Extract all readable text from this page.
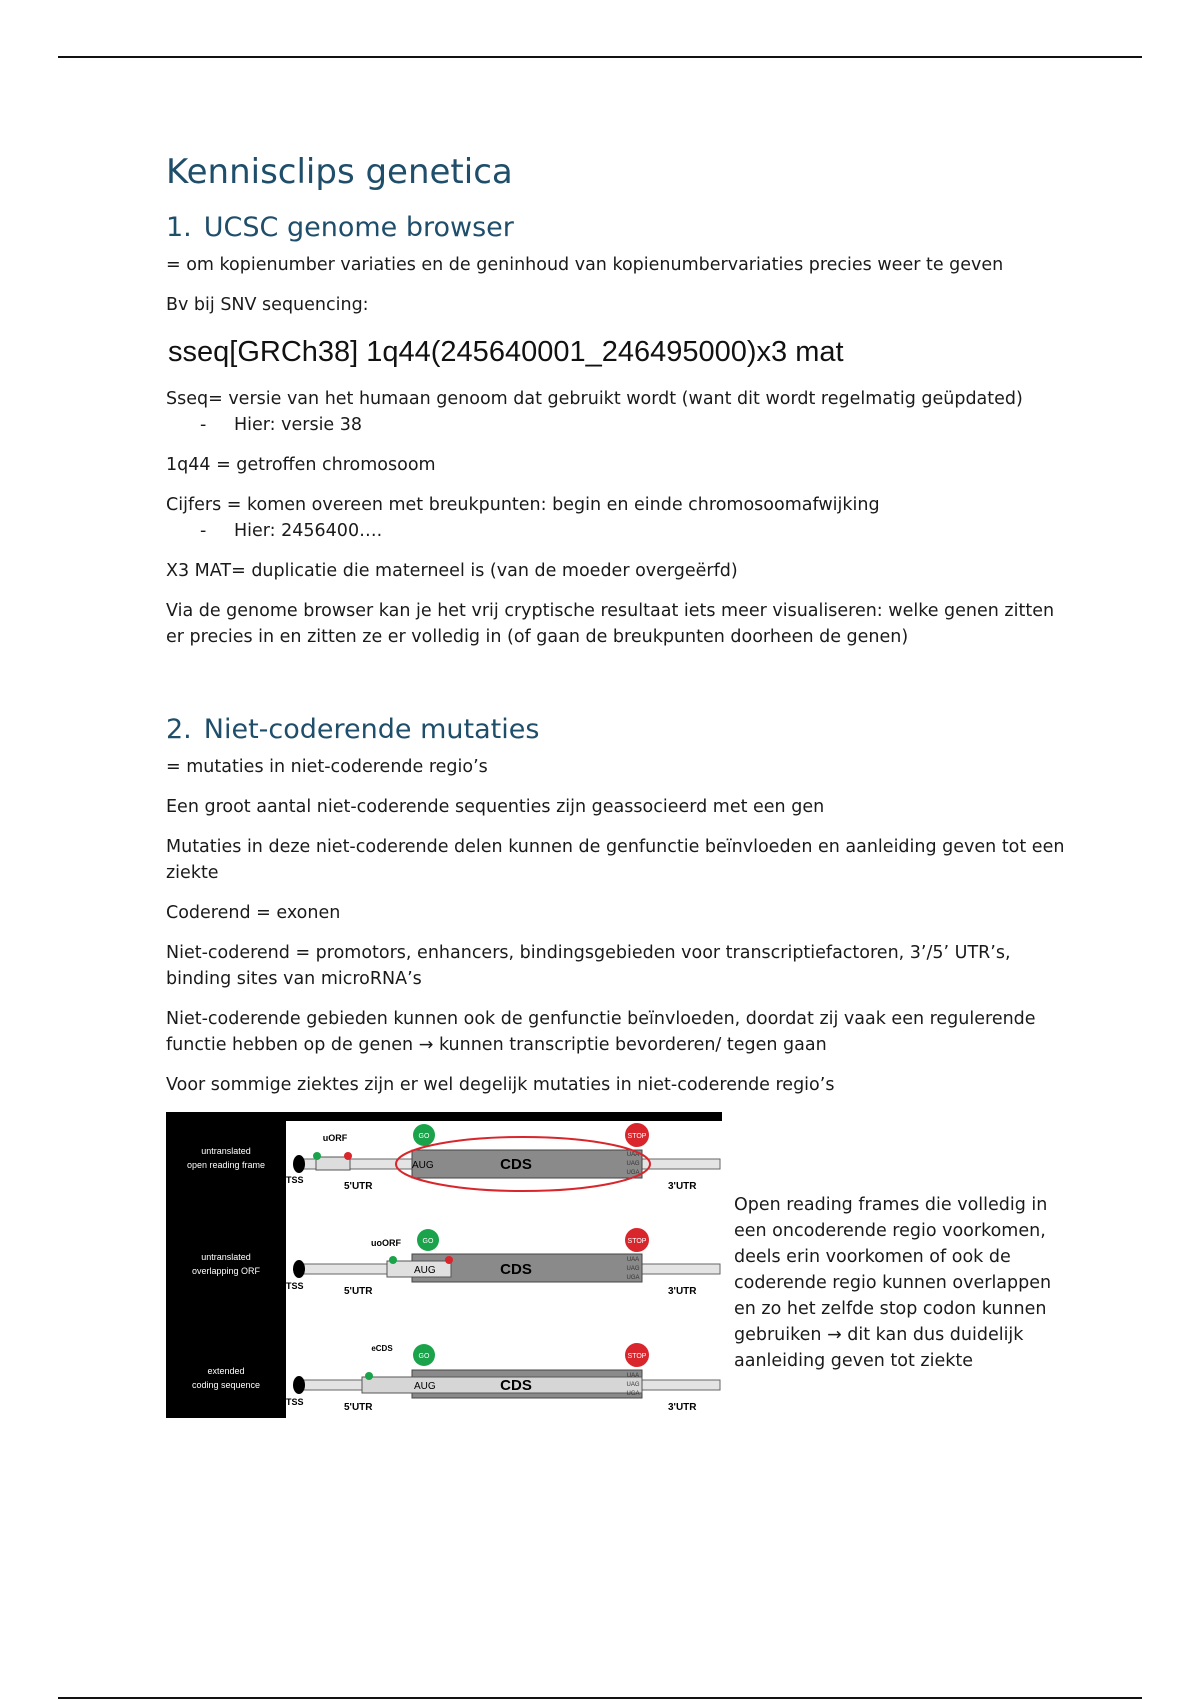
Kennisclips genetica
1. UCSC genome browser

= om kopienumber variaties en de geninhoud van kopienumbervariaties precies weer te geven

Bv bij SNV sequencing:

sseq[GRCh38] 1q44(245640001_246495000)x3 mat

Sseq= versie van het humaan genoom dat gebruikt wordt (want dit wordt regelmatig geüpdated)

-	Hier: versie 38

1q44 = getroffen chromosoom

Cijfers = komen overeen met breukpunten: begin en einde chromosoomafwijking

-	Hier: 2456400….

X3 MAT= duplicatie die materneel is (van de moeder overgeërfd)

Via de genome browser kan je het vrij cryptische resultaat iets meer visualiseren: welke genen zitten er precies in en zitten ze er volledig in (of gaan de breukpunten doorheen de genen)

2. Niet-coderende mutaties

= mutaties in niet-coderende regio’s

Een groot aantal niet-coderende sequenties zijn geassocieerd met een gen

Mutaties in deze niet-coderende delen kunnen de genfunctie beïnvloeden en aanleiding geven tot een ziekte

Coderend = exonen

Niet-coderend = promotors, enhancers, bindingsgebieden voor transcriptiefactoren, 3’/5’ UTR’s, binding sites van microRNA’s

Niet-coderende gebieden kunnen ook de genfunctie beïnvloeden, doordat zij vaak een regulerende functie hebben op de genen → kunnen transcriptie bevorderen/ tegen gaan

Voor sommige ziektes zijn er wel degelijk mutaties in niet-coderende regio’s

untranslated
open reading frame
uORF
AUG	CDS
UAA
UAG
UGA
GO	STOP
TSS
5'UTR	3'UTR
untranslated
overlapping ORF
uoORF
AUG	CDS
UAA
UAG
UGA
GO	STOP
TSS	5'UTR	3'UTR
extended
coding sequence
eCDS
AUG	CDS
UAA
UAG
UGA
GO	STOP
TSS	5'UTR	3'UTR

Open reading frames die volledig in een oncoderende regio voorkomen, deels erin voorkomen of ook de coderende regio kunnen overlappen en zo het zelfde stop codon kunnen gebruiken → dit kan dus duidelijk aanleiding geven tot ziekte
